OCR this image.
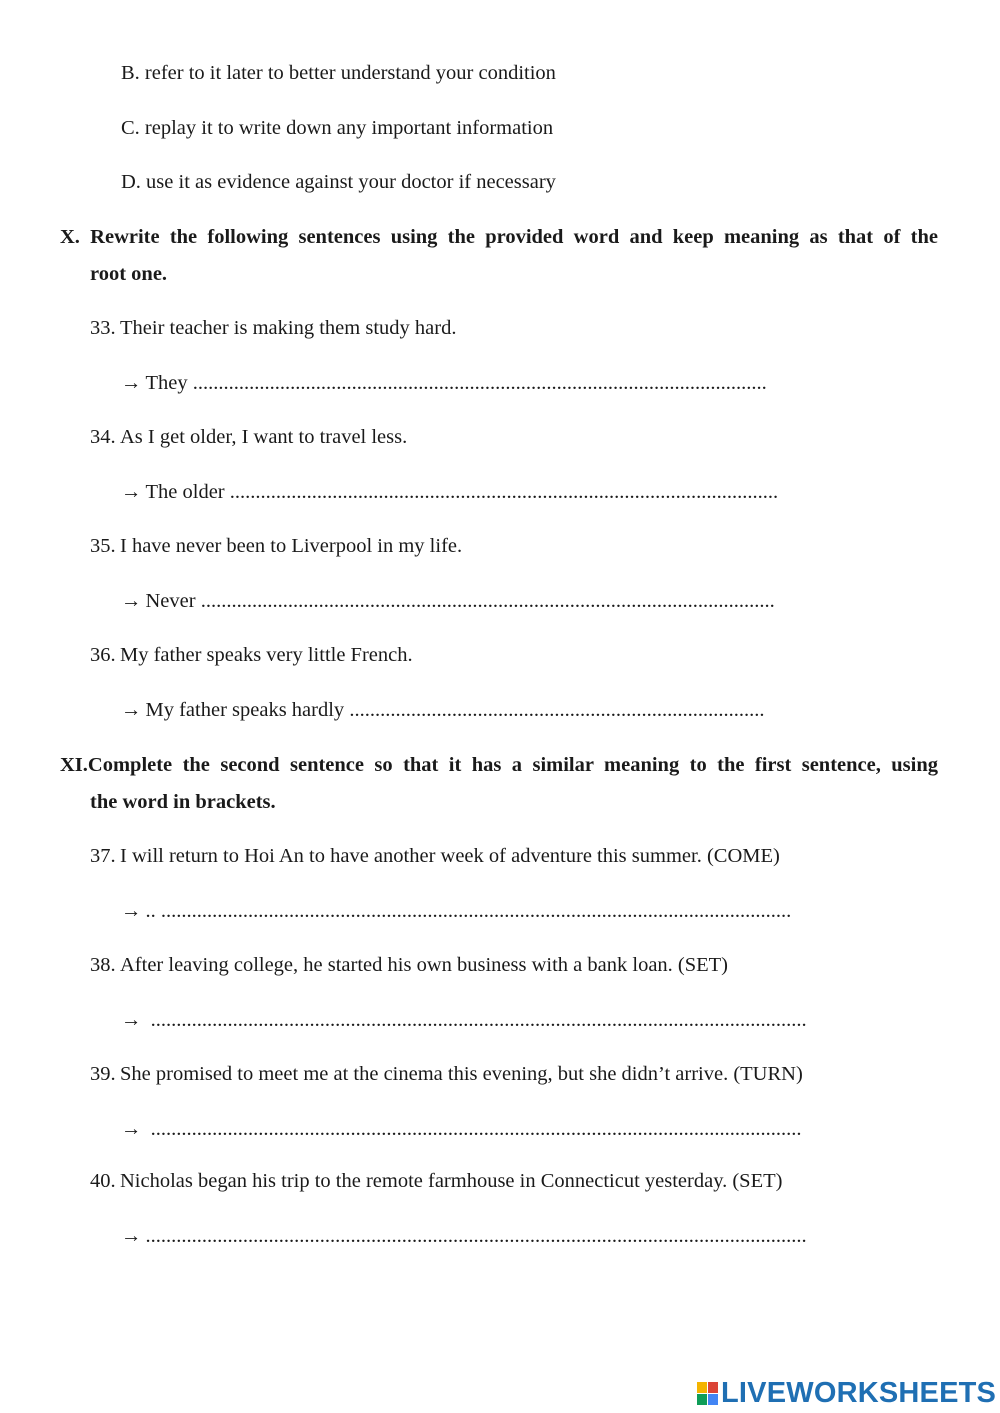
B. refer to it later to better understand your condition
C. replay it to write down any important information
D. use it as evidence against your doctor if necessary
X. Rewrite the following sentences using the provided word and keep meaning as that of the
root one.
33. Their teacher is making them study hard.
→ They ................................................................................................................
34. As I get older, I want to travel less.
→ The older ...........................................................................................................
35. I have never been to Liverpool in my life.
→ Never ................................................................................................................
36. My father speaks very little French.
→ My father speaks hardly .................................................................................
XI.Complete the second sentence so that it has a similar meaning to the first sentence, using
the word in brackets.
37. I will return to Hoi An to have another week of adventure this summer. (COME)
→ .. ...........................................................................................................................
38. After leaving college, he started his own business with a bank loan. (SET)
→ ................................................................................................................................
39. She promised to meet me at the cinema this evening, but she didn’t arrive. (TURN)
→ ...............................................................................................................................
40. Nicholas began his trip to the remote farmhouse in Connecticut yesterday. (SET)
→ .................................................................................................................................
LIVEWORKSHEETS
